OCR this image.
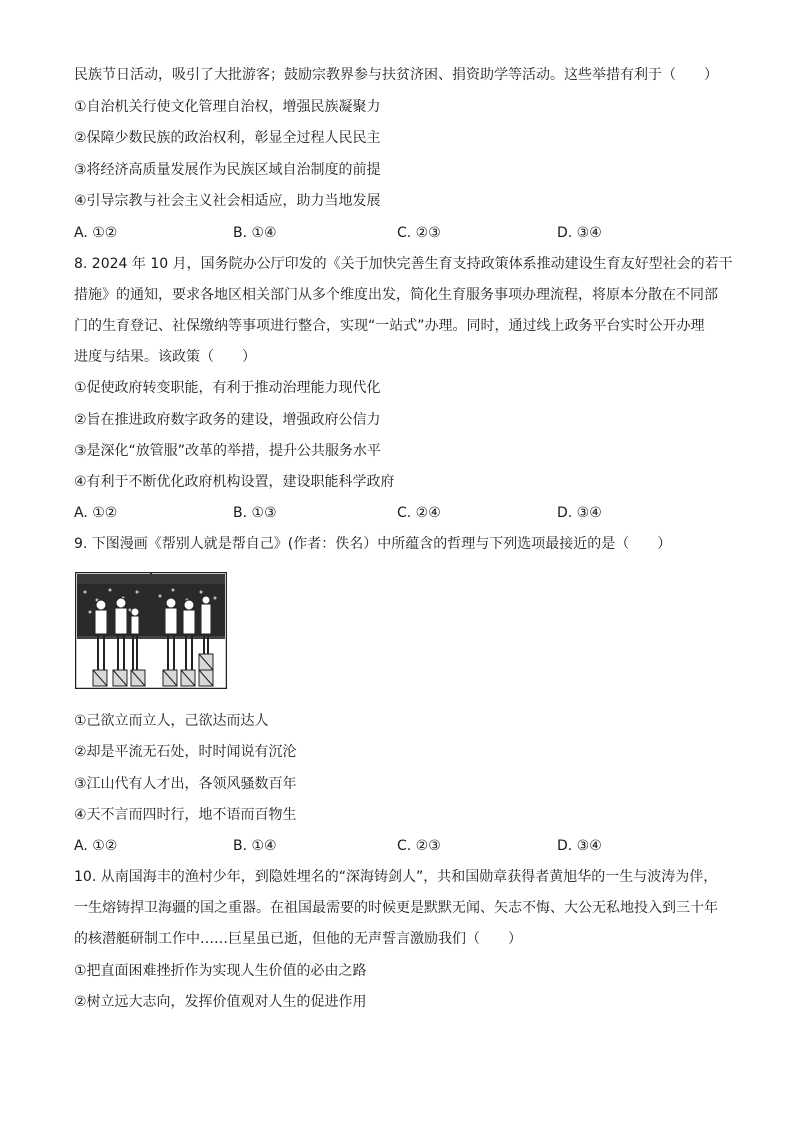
民族节日活动，吸引了大批游客；鼓励宗教界参与扶贫济困、捐资助学等活动。这些举措有利于（　　）
①自治机关行使文化管理自治权，增强民族凝聚力
②保障少数民族的政治权利，彰显全过程人民民主
③将经济高质量发展作为民族区域自治制度的前提
④引导宗教与社会主义社会相适应，助力当地发展
A. ①②	B. ①④	C. ②③	D. ③④
8. 2024 年 10 月，国务院办公厅印发的《关于加快完善生育支持政策体系推动建设生育友好型社会的若干
措施》的通知，要求各地区相关部门从多个维度出发，简化生育服务事项办理流程，将原本分散在不同部
门的生育登记、社保缴纳等事项进行整合，实现“一站式”办理。同时，通过线上政务平台实时公开办理
进度与结果。该政策（　　）
①促使政府转变职能，有利于推动治理能力现代化
②旨在推进政府数字政务的建设，增强政府公信力
③是深化“放管服”改革的举措，提升公共服务水平
④有利于不断优化政府机构设置，建设职能科学政府
A. ①②	B. ①③	C. ②④	D. ③④
9. 下图漫画《帮别人就是帮自己》(作者：佚名）中所蕴含的哲理与下列选项最接近的是（　　）
①己欲立而立人，己欲达而达人
②却是平流无石处，时时闻说有沉沦
③江山代有人才出，各领风骚数百年
④天不言而四时行，地不语而百物生
A. ①②	B. ①④	C. ②③	D. ③④
10. 从南国海丰的渔村少年，到隐姓埋名的“深海铸剑人”，共和国勋章获得者黄旭华的一生与波涛为伴，
一生熔铸捍卫海疆的国之重器。在祖国最需要的时候更是默默无闻、矢志不悔、大公无私地投入到三十年
的核潜艇研制工作中……巨星虽已逝，但他的无声誓言激励我们（　　）
①把直面困难挫折作为实现人生价值的必由之路
②树立远大志向，发挥价值观对人生的促进作用
